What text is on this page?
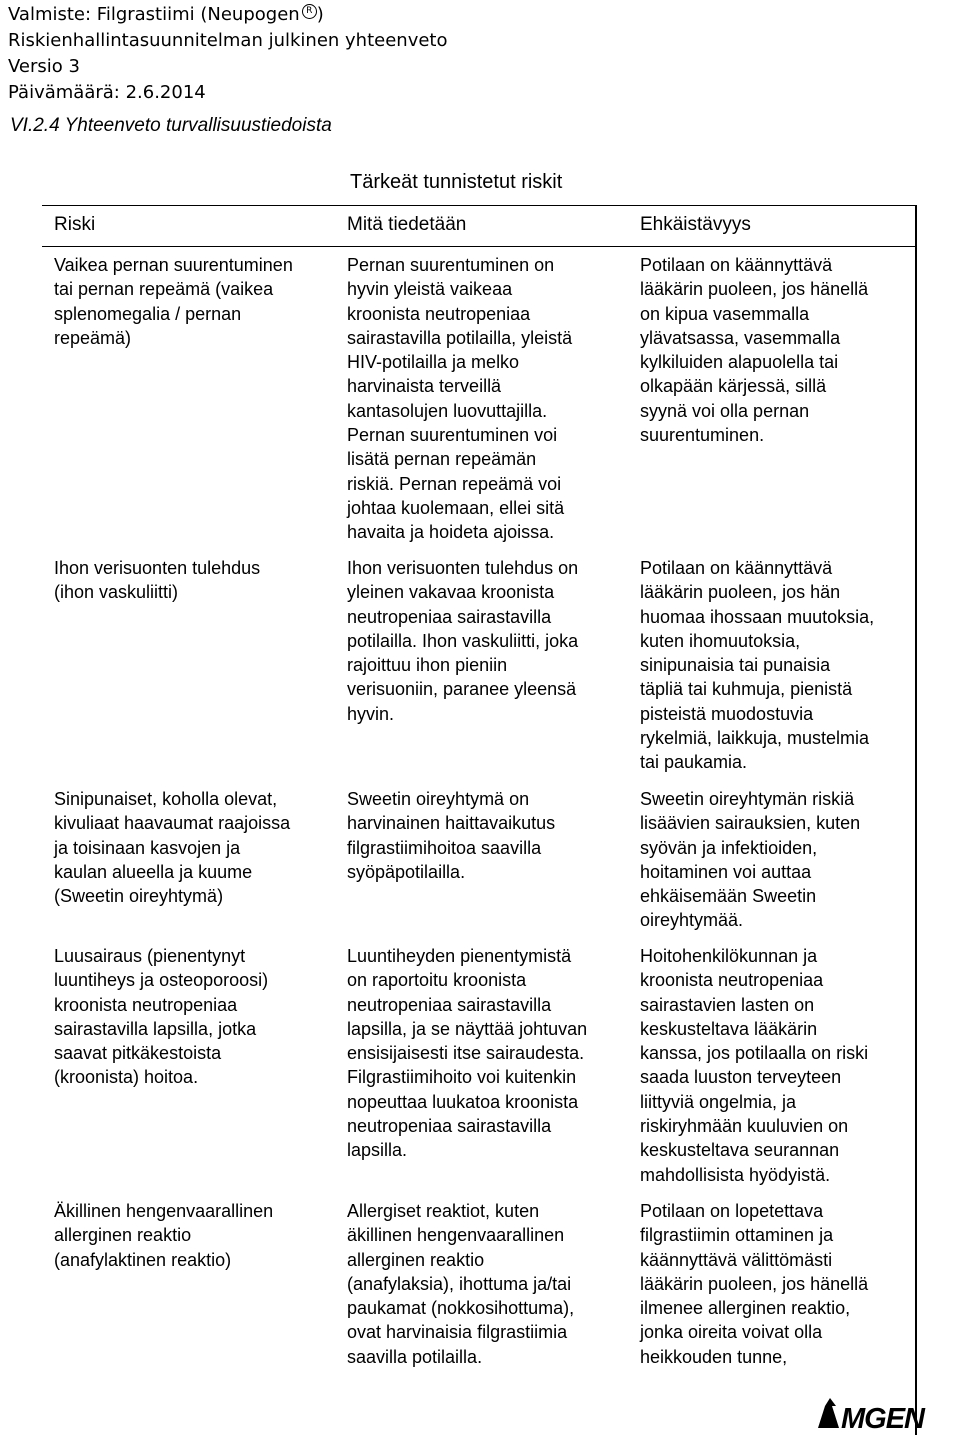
Valmiste: Filgrastiimi (Neupogen R )
Riskienhallintasuunnitelman julkinen yhteenveto
Versio 3
Päivämäärä: 2.6.2014
VI.2.4 Yhteenveto turvallisuustiedoista
Tärkeät tunnistetut riskit
Riski	Mitä tiedetään	Ehkäistävyys
Vaikea pernan suurentuminen
tai pernan repeämä (vaikea
splenomegalia / pernan
repeämä)
Pernan suurentuminen on
hyvin yleistä vaikeaa
kroonista neutropeniaa
sairastavilla potilailla, yleistä
HIV-potilailla ja melko
harvinaista terveillä
kantasolujen luovuttajilla.
Pernan suurentuminen voi
lisätä pernan repeämän
riskiä. Pernan repeämä voi
johtaa kuolemaan, ellei sitä
havaita ja hoideta ajoissa.
Potilaan on käännyttävä
lääkärin puoleen, jos hänellä
on kipua vasemmalla
ylävatsassa, vasemmalla
kylkiluiden alapuolella tai
olkapään kärjessä, sillä
syynä voi olla pernan
suurentuminen.
Ihon verisuonten tulehdus
(ihon vaskuliitti)
Ihon verisuonten tulehdus on
yleinen vakavaa kroonista
neutropeniaa sairastavilla
potilailla. Ihon vaskuliitti, joka
rajoittuu ihon pieniin
verisuoniin, paranee yleensä
hyvin.
Potilaan on käännyttävä
lääkärin puoleen, jos hän
huomaa ihossaan muutoksia,
kuten ihomuutoksia,
sinipunaisia tai punaisia
täpliä tai kuhmuja, pienistä
pisteistä muodostuvia
rykelmiä, laikkuja, mustelmia
tai paukamia.
Sinipunaiset, koholla olevat,
kivuliaat haavaumat raajoissa
ja toisinaan kasvojen ja
kaulan alueella ja kuume
(Sweetin oireyhtymä)
Sweetin oireyhtymä on
harvinainen haittavaikutus
filgrastiimihoitoa saavilla
syöpäpotilailla.
Sweetin oireyhtymän riskiä
lisäävien sairauksien, kuten
syövän ja infektioiden,
hoitaminen voi auttaa
ehkäisemään Sweetin
oireyhtymää.
Luusairaus (pienentynyt
luuntiheys ja osteoporoosi)
kroonista neutropeniaa
sairastavilla lapsilla, jotka
saavat pitkäkestoista
(kroonista) hoitoa.
Luuntiheyden pienentymistä
on raportoitu kroonista
neutropeniaa sairastavilla
lapsilla, ja se näyttää johtuvan
ensisijaisesti itse sairaudesta.
Filgrastiimihoito voi kuitenkin
nopeuttaa luukatoa kroonista
neutropeniaa sairastavilla
lapsilla.
Hoitohenkilökunnan ja
kroonista neutropeniaa
sairastavien lasten on
keskusteltava lääkärin
kanssa, jos potilaalla on riski
saada luuston terveyteen
liittyviä ongelmia, ja
riskiryhmään kuuluvien on
keskusteltava seurannan
mahdollisista hyödyistä.
Äkillinen hengenvaarallinen
allerginen reaktio
(anafylaktinen reaktio)
Allergiset reaktiot, kuten
äkillinen hengenvaarallinen
allerginen reaktio
(anafylaksia), ihottuma ja/tai
paukamat (nokkosihottuma),
ovat harvinaisia filgrastiimia
saavilla potilailla.
Potilaan on lopetettava
filgrastiimin ottaminen ja
käännyttävä välittömästi
lääkärin puoleen, jos hänellä
ilmenee allerginen reaktio,
jonka oireita voivat olla
heikkouden tunne,
MGEN
